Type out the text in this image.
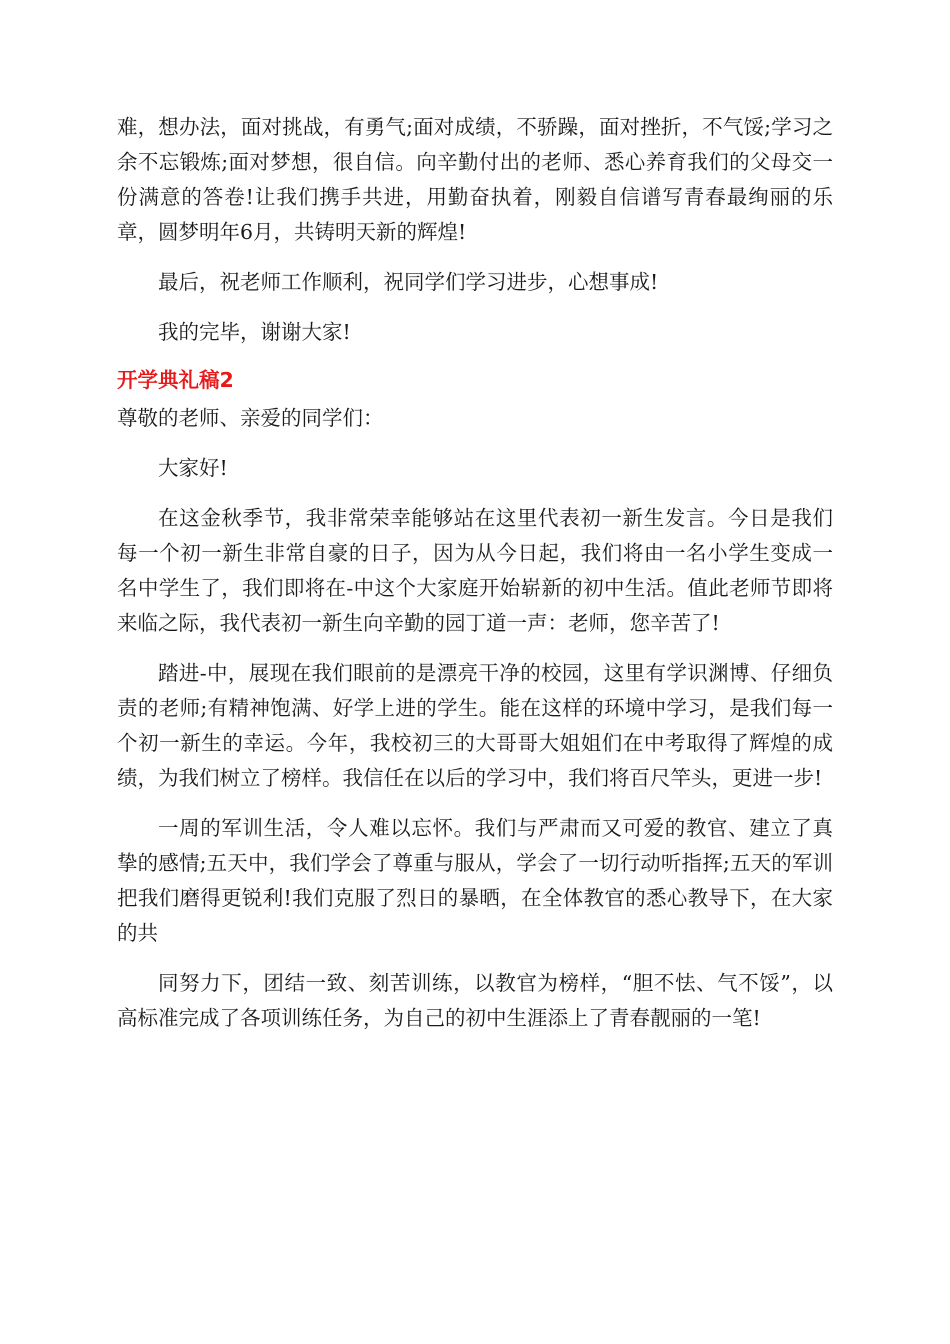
难，想办法，面对挑战，有勇气;面对成绩，不骄躁，面对挫折，不气馁;学习之余不忘锻炼;面对梦想，很自信。向辛勤付出的老师、悉心养育我们的父母交一份满意的答卷!让我们携手共进，用勤奋执着，刚毅自信谱写青春最绚丽的乐章，圆梦明年6月，共铸明天新的辉煌!

最后，祝老师工作顺利，祝同学们学习进步，心想事成!

我的完毕，谢谢大家!

开学典礼稿2

尊敬的老师、亲爱的同学们：

大家好!

在这金秋季节，我非常荣幸能够站在这里代表初一新生发言。今日是我们每一个初一新生非常自豪的日子，因为从今日起，我们将由一名小学生变成一名中学生了，我们即将在-中这个大家庭开始崭新的初中生活。值此老师节即将来临之际，我代表初一新生向辛勤的园丁道一声：老师，您辛苦了!

踏进-中，展现在我们眼前的是漂亮干净的校园，这里有学识渊博、仔细负责的老师;有精神饱满、好学上进的学生。能在这样的环境中学习，是我们每一个初一新生的幸运。今年，我校初三的大哥哥大姐姐们在中考取得了辉煌的成绩，为我们树立了榜样。我信任在以后的学习中，我们将百尺竿头，更进一步!

一周的军训生活，令人难以忘怀。我们与严肃而又可爱的教官、建立了真挚的感情;五天中，我们学会了尊重与服从，学会了一切行动听指挥;五天的军训把我们磨得更锐利!我们克服了烈日的暴晒，在全体教官的悉心教导下，在大家的共

同努力下，团结一致、刻苦训练，以教官为榜样，“胆不怯、气不馁”，以高标准完成了各项训练任务，为自己的初中生涯添上了青春靓丽的一笔!
